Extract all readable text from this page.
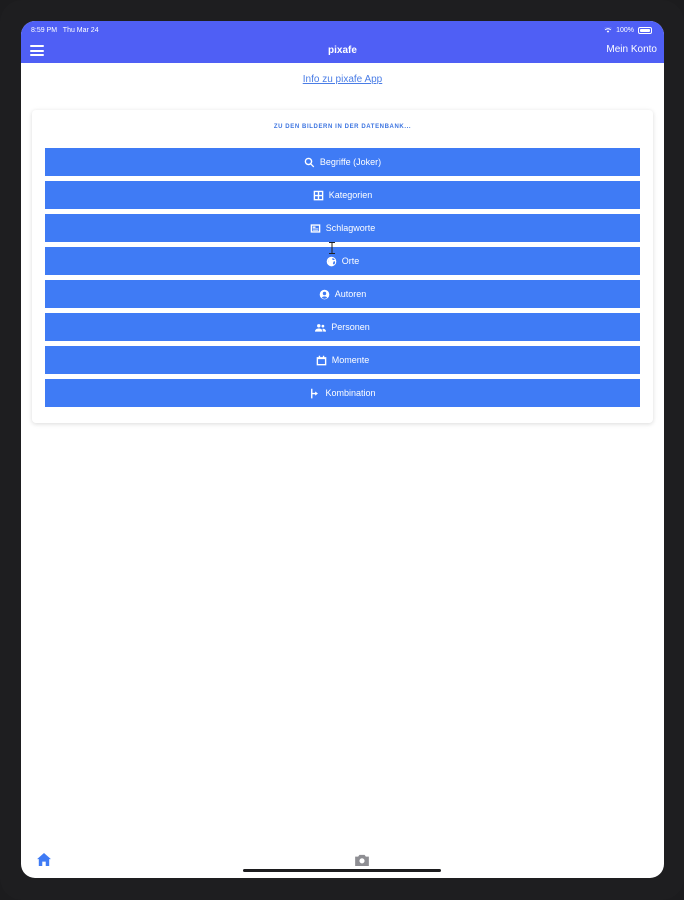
8:59 PM Thu Mar 24	100%
pixafe	Mein Konto
Info zu pixafe App
ZU DEN BILDERN IN DER DATENBANK...
Begriffe (Joker)
Kategorien
Schlagworte
Orte
Autoren
Personen
Momente
Kombination
